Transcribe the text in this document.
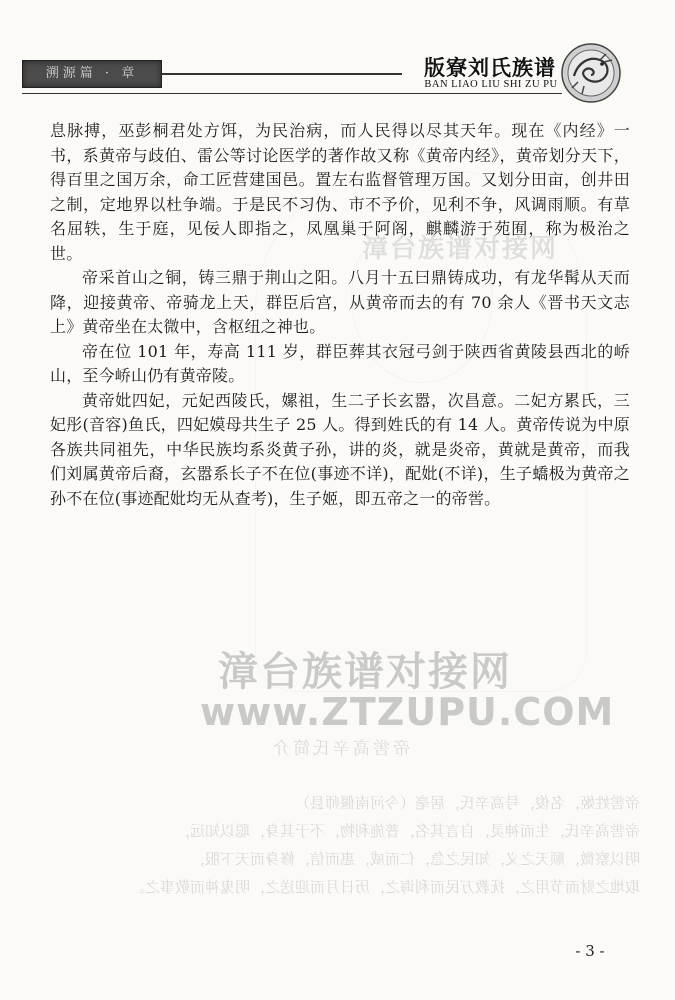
溯源篇 · 章	版寮刘氏族谱
BAN LIAO LIU SHI ZU PU
漳台族谱对接网

息脉搏，巫彭桐君处方饵，为民治病，而人民得以尽其天年。现在《内经》一书，系黄帝与歧伯、雷公等讨论医学的著作故又称《黄帝内经》，黄帝划分天下，得百里之国万余，命工匠营建国邑。置左右监督管理万国。又划分田亩，创井田之制，定地界以杜争端。于是民不习伪、市不予价，见利不争，风调雨顺。有草名屈轶，生于庭，见佞人即指之，凤凰巢于阿阁，麒麟游于苑囿，称为极治之世。

帝采首山之铜，铸三鼎于荆山之阳。八月十五曰鼎铸成功，有龙华髯从天而降，迎接黄帝、帝骑龙上天，群臣后宫，从黄帝而去的有 70 余人《晋书天文志上》黄帝坐在太微中，含枢纽之神也。

帝在位 101 年，寿高 111 岁，群臣葬其衣冠弓剑于陕西省黄陵县西北的峤山，至今峤山仍有黄帝陵。

黄帝妣四妃，元妃西陵氏，嫘祖，生二子长玄嚣，次昌意。二妃方累氏，三妃彤(音容)鱼氏，四妃嫫母共生子 25 人。得到姓氏的有 14 人。黄帝传说为中原各族共同祖先，中华民族均系炎黄子孙，讲的炎，就是炎帝，黄就是黄帝，而我们刘属黄帝后裔，玄嚣系长子不在位(事迹不详)，配妣(不详)，生子蟜极为黄帝之孙不在位(事迹配妣均无从查考)，生子姬，即五帝之一的帝喾。

漳台族谱对接网
www.ZTZUPU.COM
帝喾高辛氏简介
帝喾姓姬，名俊，号高辛氏，居亳（今河南偃师县）
帝喾高辛氏，生而神灵，自言其名，普施利物，不于其身，聪以知远，
明以察微，顺天之义，知民之急，仁而威，惠而信，修身而天下服，
取地之财而节用之，抚教万民而利诲之，历日月而迎送之，明鬼神而敬事之。
- 3 -
